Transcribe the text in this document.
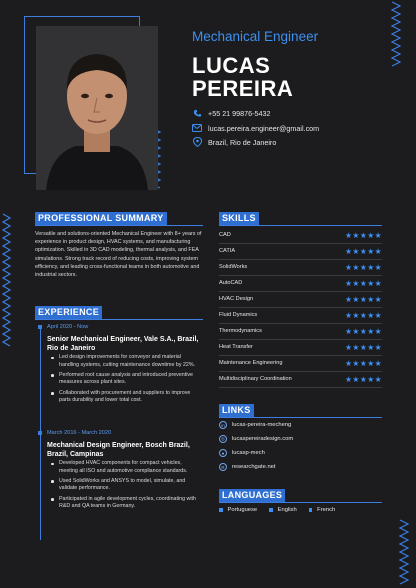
Mechanical Engineer
LUCAS
PEREIRA
+55 21 99876-5432
lucas.pereira.engineer@gmail.com
Brazil, Rio de Janeiro
PROFESSIONAL SUMMARY
Versatile and solutions-oriented Mechanical Engineer with 8+ years of experience in product design, HVAC systems, and manufacturing optimization. Skilled in 3D CAD modeling, thermal analysis, and FEA simulations. Strong track record of reducing costs, improving system efficiency, and leading cross-functional teams in both automotive and industrial sectors.
EXPERIENCE
April 2020 - Now
Senior Mechanical Engineer, Vale S.A., Brazil, Rio de Janeiro
Led design improvements for conveyor and material handling systems, cutting maintenance downtime by 22%.
Performed root cause analysis and introduced preventive measures across plant sites.
Collaborated with procurement and suppliers to improve parts durability and lower total cost.
March 2016 - March 2020
Mechanical Design Engineer, Bosch Brazil, Brazil, Campinas
Developed HVAC components for compact vehicles, meeting all ISO and automotive compliance standards.
Used SolidWorks and ANSYS to model, simulate, and validate performance.
Participated in agile development cycles, coordinating with R&D and QA teams in Germany.
SKILLS
CAD	★★★★★
CATIA	★★★★★
SolidWorks	★★★★★
AutoCAD	★★★★★
HVAC Design	★★★★★
Fluid Dynamics	★★★★★
Thermodynamics	★★★★★
Heat Transfer	★★★★★
Maintenance Engineering	★★★★★
Multidisciplinary Coordination	★★★★★
LINKS
in	lucas-pereira-mecheng
◎	lucaspereiradesign.com
●	lucasp-mech
R	researchgate.net
LANGUAGES
Portuguese	English	French
